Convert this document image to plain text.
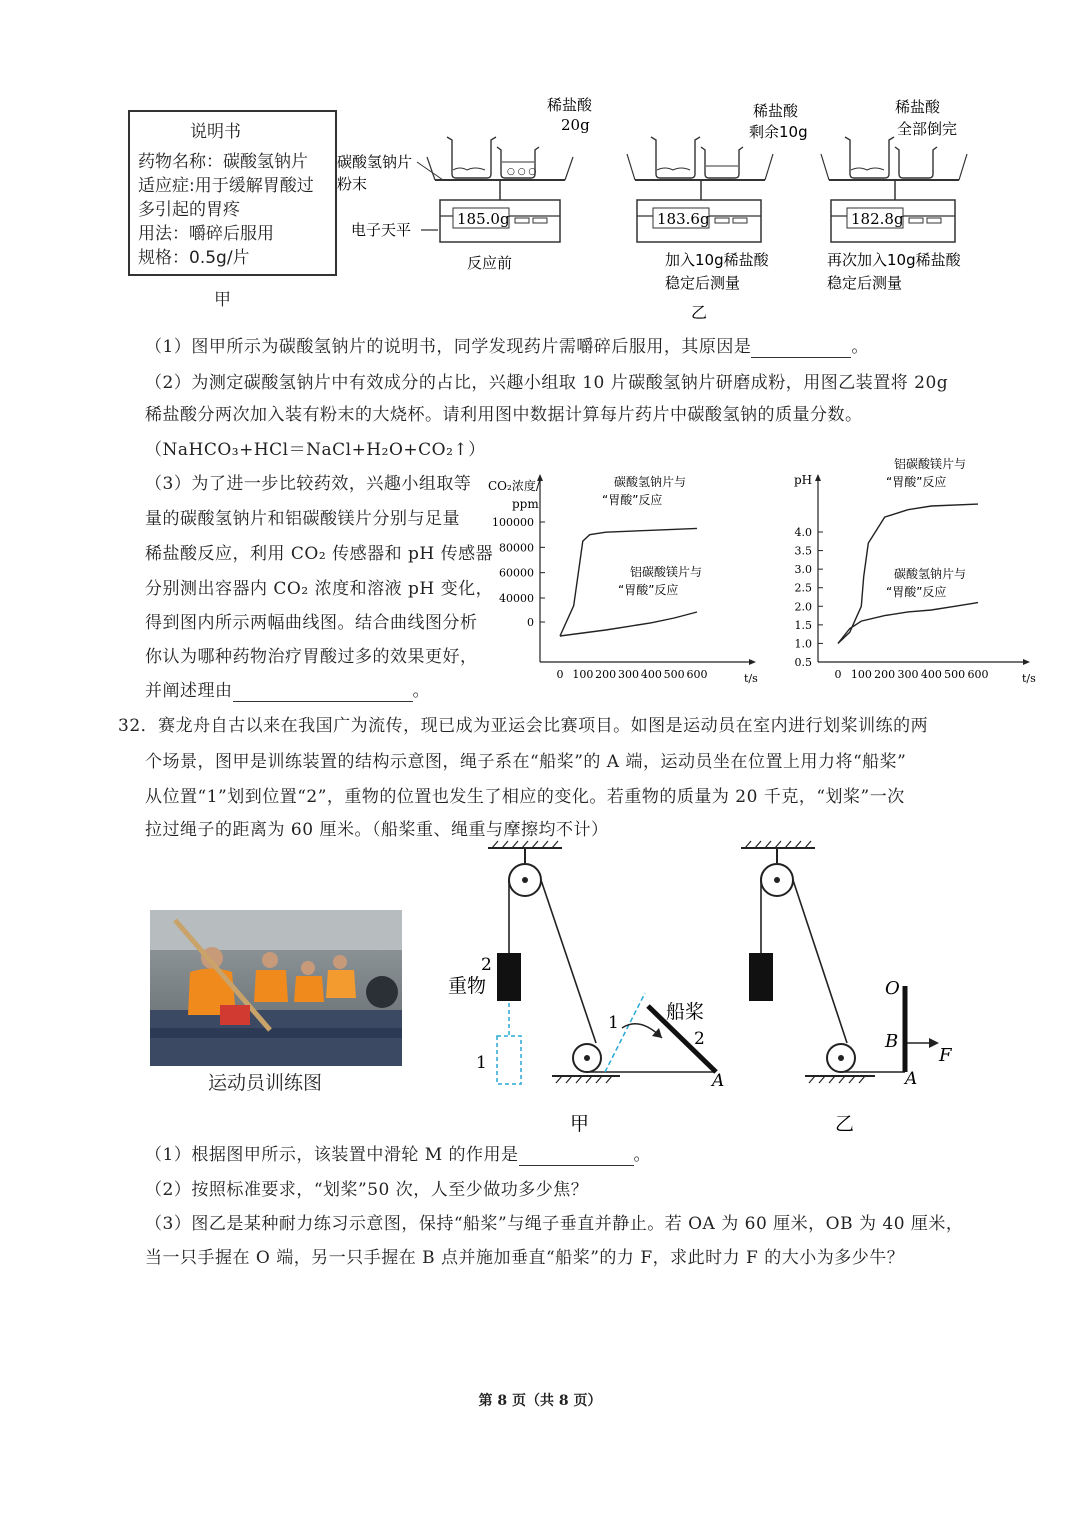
说明书
药物名称：碳酸氢钠片
适应症:用于缓解胃酸过
多引起的胃疼
用法：嚼碎后服用
规格：0.5g/片
甲
碳酸氢钠片
粉末
电子天平
稀盐酸
20g
○ ○ ○
185.0g
反应前
稀盐酸
剩余10g
183.6g
加入10g稀盐酸
稳定后测量
稀盐酸
全部倒完
182.8g
再次加入10g稀盐酸
稳定后测量
乙
（1）图甲所示为碳酸氢钠片的说明书，同学发现药片需嚼碎后服用，其原因是	。
（2）为测定碳酸氢钠片中有效成分的占比，兴趣小组取 10 片碳酸氢钠片研磨成粉，用图乙装置将 20g
稀盐酸分两次加入装有粉末的大烧杯。请利用图中数据计算每片药片中碳酸氢钠的质量分数。
（NaHCO₃+HCl＝NaCl+H₂O+CO₂↑）
（3）为了进一步比较药效，兴趣小组取等
量的碳酸氢钠片和铝碳酸镁片分别与足量
稀盐酸反应，利用 CO₂ 传感器和 pH 传感器
分别测出容器内 CO₂ 浓度和溶液 pH 变化，
得到图内所示两幅曲线图。结合曲线图分析
你认为哪种药物治疗胃酸过多的效果更好，
并阐述理由	。
CO₂浓度/
ppm
0
40000
60000
80000
100000
0 100 200 300 400 500 600	t/s
碳酸氢钠片与
“胃酸”反应
铝碳酸镁片与
“胃酸”反应
pH
0.5
1.0
1.5
2.0
2.5
3.0
3.5
4.0
0 100 200 300 400 500 600	t/s
铝碳酸镁片与
“胃酸”反应
碳酸氢钠片与
“胃酸”反应
32．赛龙舟自古以来在我国广为流传，现已成为亚运会比赛项目。如图是运动员在室内进行划桨训练的两
个场景，图甲是训练装置的结构示意图，绳子系在“船桨”的 A 端，运动员坐在位置上用力将“船桨”
从位置“1”划到位置“2”，重物的位置也发生了相应的变化。若重物的质量为 20 千克，“划桨”一次
拉过绳子的距离为 60 厘米。（船桨重、绳重与摩擦均不计）
运动员训练图
1
2
重物
1
2
船桨
A
甲
O
B
A
F
乙
（1）根据图甲所示，该装置中滑轮 M 的作用是	。
（2）按照标准要求，“划桨”50 次，人至少做功多少焦？
（3）图乙是某种耐力练习示意图，保持“船桨”与绳子垂直并静止。若 OA 为 60 厘米，OB 为 40 厘米，
当一只手握在 O 端，另一只手握在 B 点并施加垂直“船桨”的力 F，求此时力 F 的大小为多少牛？
第 8 页（共 8 页）
